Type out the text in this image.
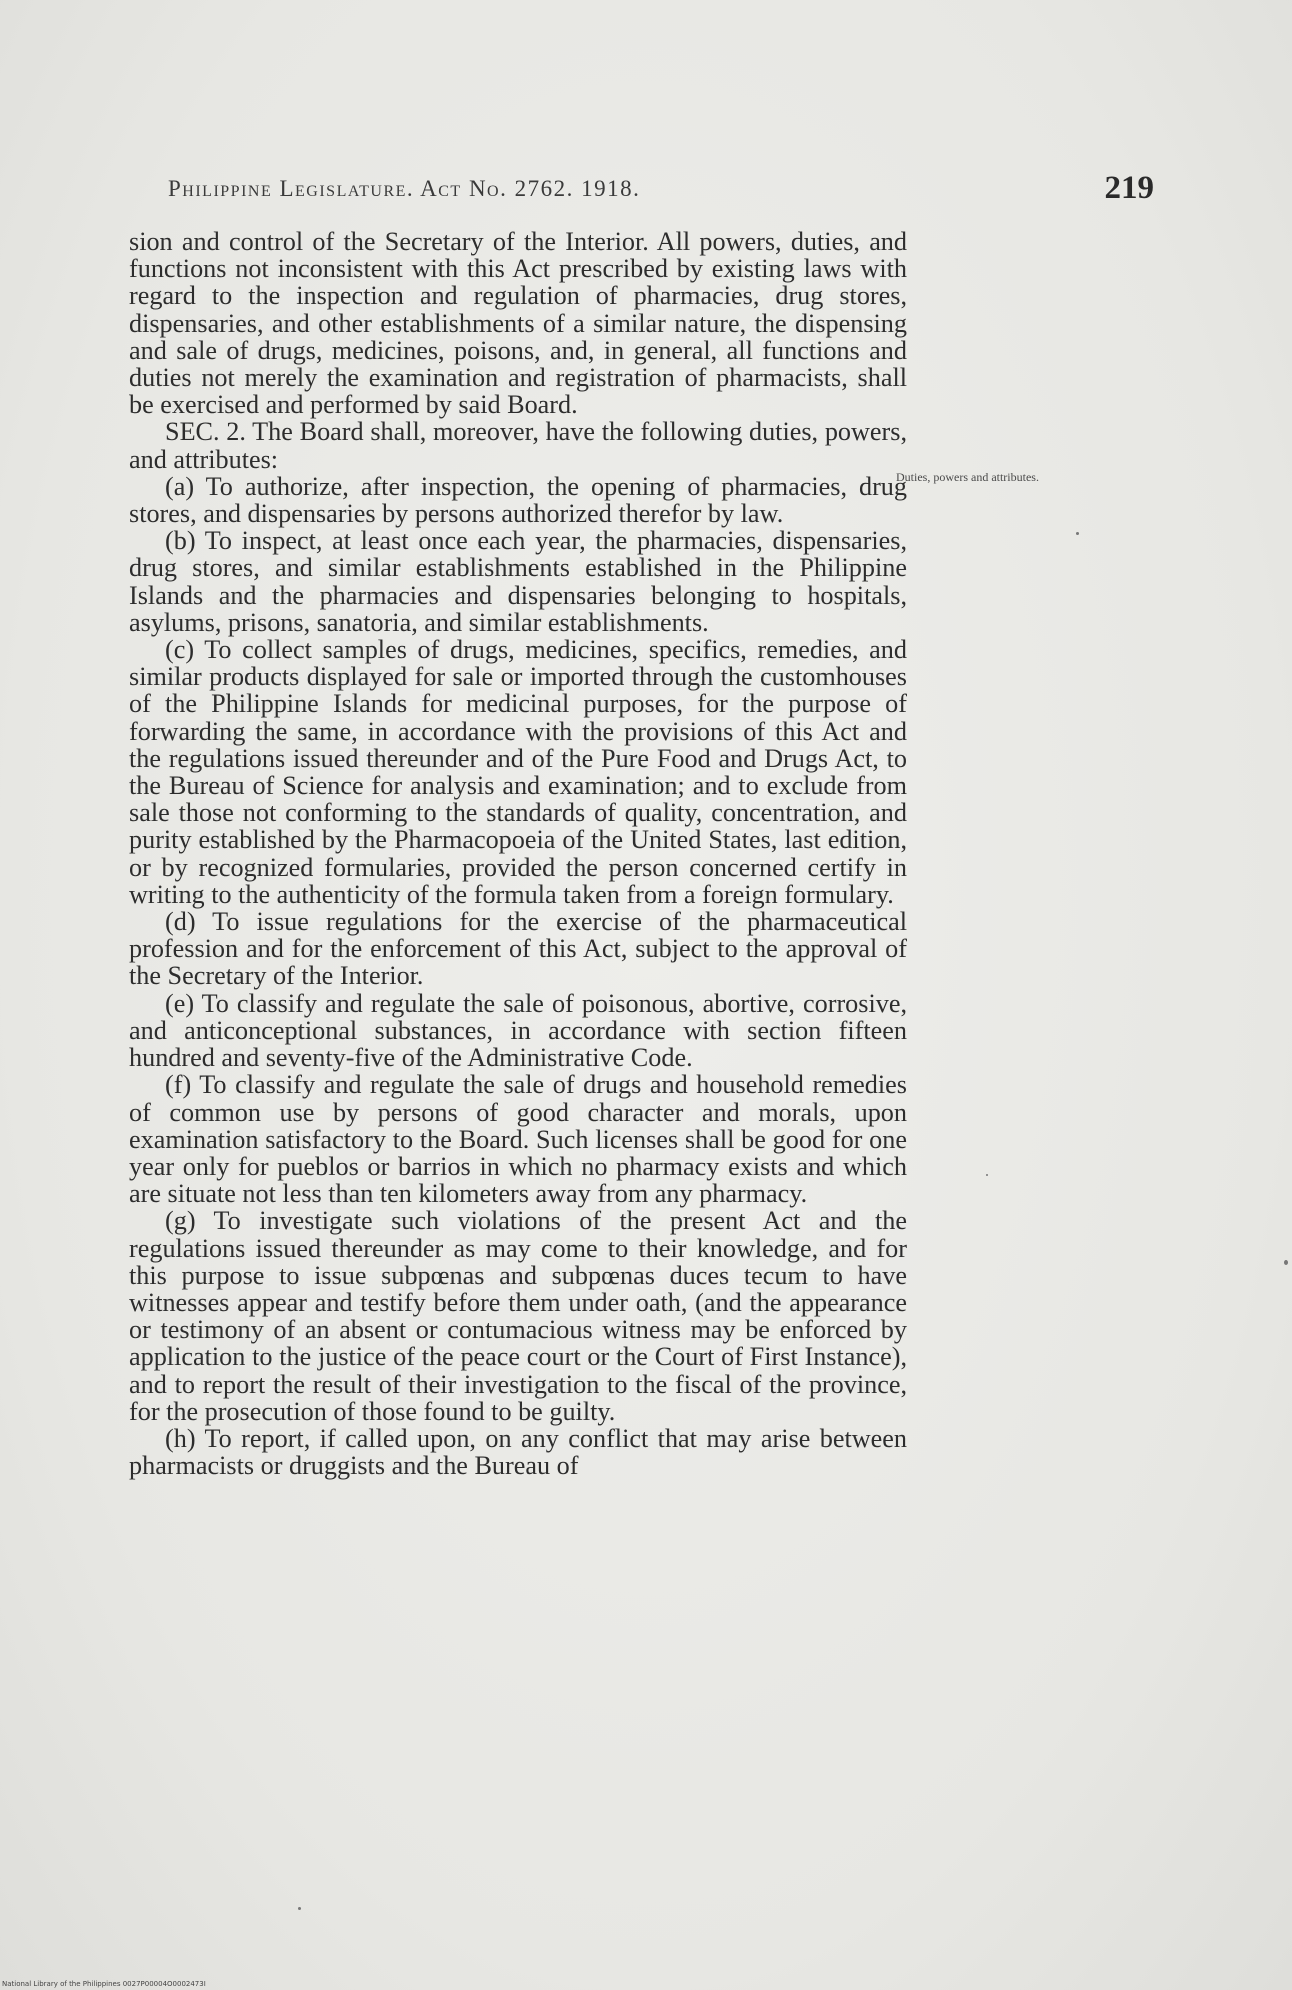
Philippine Legislature. Act No. 2762. 1918.	219
Duties, powers and attributes.

sion and control of the Secretary of the Interior. All powers, duties, and functions not inconsistent with this Act prescribed by existing laws with regard to the inspection and regulation of pharmacies, drug stores, dispensaries, and other establishments of a similar nature, the dispensing and sale of drugs, medicines, poisons, and, in general, all functions and duties not merely the examination and registration of pharmacists, shall be exercised and performed by said Board.

SEC. 2. The Board shall, moreover, have the following duties, powers, and attributes:

(a) To authorize, after inspection, the opening of pharmacies, drug stores, and dispensaries by persons authorized therefor by law.

(b) To inspect, at least once each year, the pharmacies, dispensaries, drug stores, and similar establishments established in the Philippine Islands and the pharmacies and dispensaries belonging to hospitals, asylums, prisons, sanatoria, and similar establishments.

(c) To collect samples of drugs, medicines, specifics, remedies, and similar products displayed for sale or imported through the customhouses of the Philippine Islands for medicinal purposes, for the purpose of forwarding the same, in accordance with the provisions of this Act and the regulations issued thereunder and of the Pure Food and Drugs Act, to the Bureau of Science for analysis and examination; and to exclude from sale those not conforming to the standards of quality, concentration, and purity established by the Pharmacopoeia of the United States, last edition, or by recognized formularies, provided the person concerned certify in writing to the authenticity of the formula taken from a foreign formulary.

(d) To issue regulations for the exercise of the pharmaceutical profession and for the enforcement of this Act, subject to the approval of the Secretary of the Interior.

(e) To classify and regulate the sale of poisonous, abortive, corrosive, and anticonceptional substances, in accordance with section fifteen hundred and seventy-five of the Administrative Code.

(f) To classify and regulate the sale of drugs and household remedies of common use by persons of good character and morals, upon examination satisfactory to the Board. Such licenses shall be good for one year only for pueblos or barrios in which no pharmacy exists and which are situate not less than ten kilometers away from any pharmacy.

(g) To investigate such violations of the present Act and the regulations issued thereunder as may come to their knowledge, and for this purpose to issue subpœnas and subpœnas duces tecum to have witnesses appear and testify before them under oath, (and the appearance or testimony of an absent or contumacious witness may be enforced by application to the justice of the peace court or the Court of First Instance), and to report the result of their investigation to the fiscal of the province, for the prosecution of those found to be guilty.

(h) To report, if called upon, on any conflict that may arise between pharmacists or druggists and the Bureau of

National Library of the Philippines 0027P00004O0002473I
